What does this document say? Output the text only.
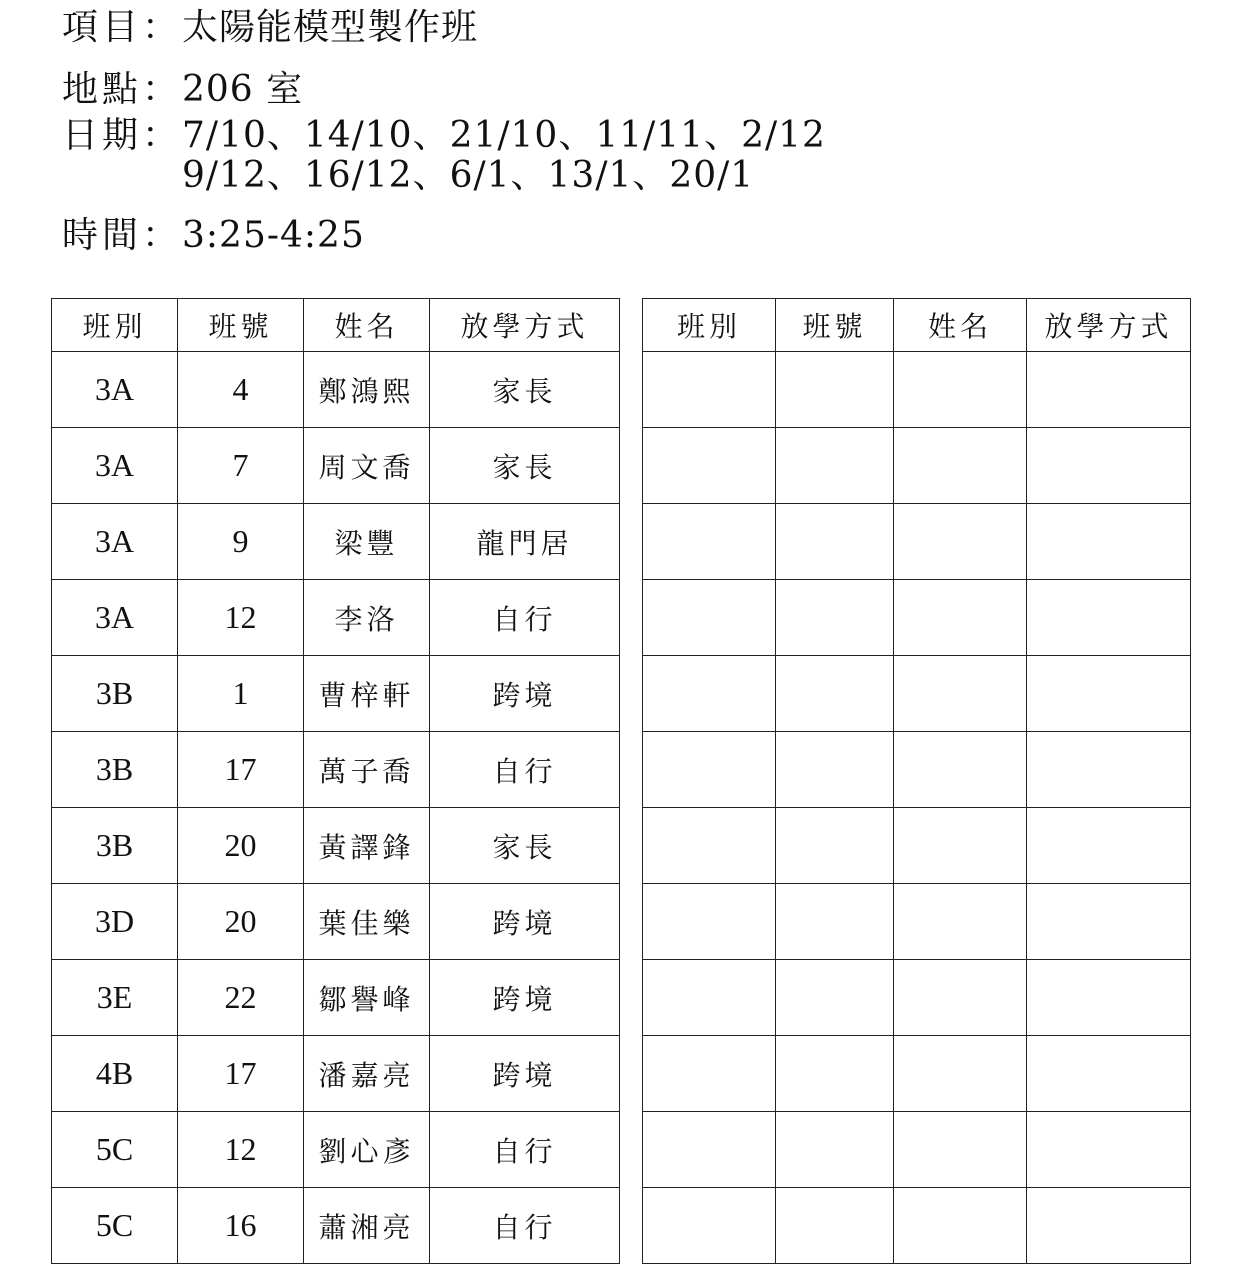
項目：太陽能模型製作班
地點：206 室
日期：7/10、14/10、21/10、11/11、2/12
9/12、16/12、6/1、13/1、20/1
時間：3:25-4:25
班別	班號	姓名	放學方式
3A	4	鄭鴻熙	家長
3A	7	周文喬	家長
3A	9	梁豐	龍門居
3A	12	李洛	自行
3B	1	曹梓軒	跨境
3B	17	萬子喬	自行
3B	20	黃譯鋒	家長
3D	20	葉佳樂	跨境
3E	22	鄒譽峰	跨境
4B	17	潘嘉亮	跨境
5C	12	劉心彥	自行
5C	16	蕭湘亮	自行
班別	班號	姓名	放學方式
